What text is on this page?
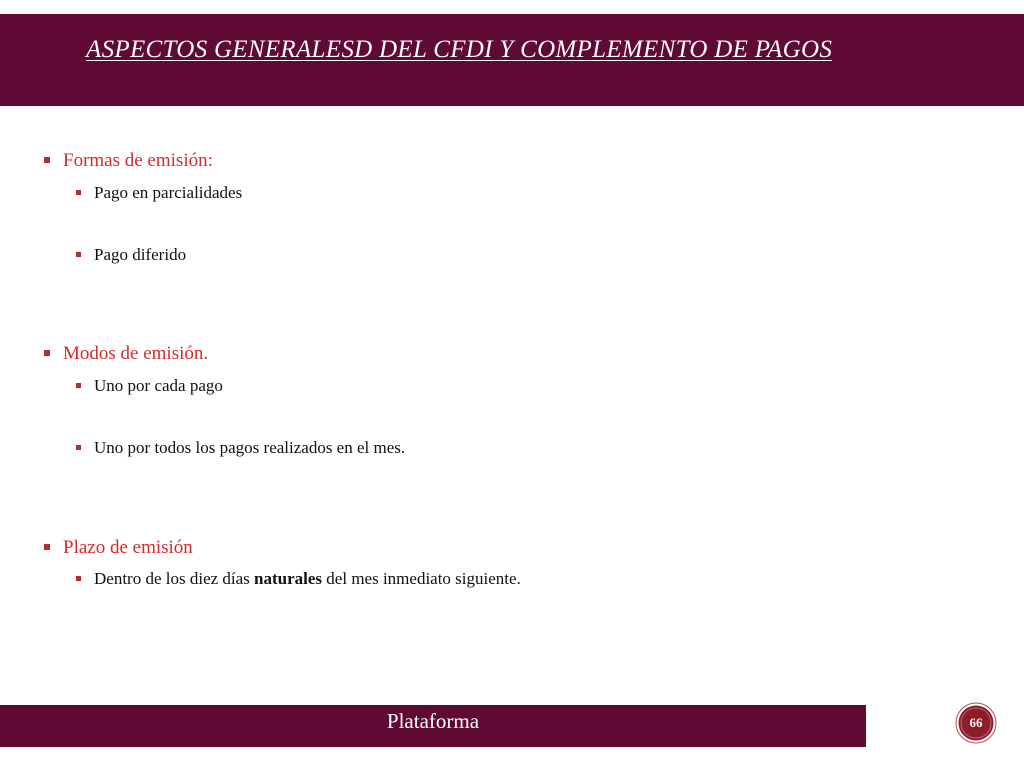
ASPECTOS GENERALESD DEL CFDI Y COMPLEMENTO DE PAGOS
Formas de emisión:
Pago en parcialidades
Pago diferido
Modos de emisión.
Uno por cada pago
Uno por todos los pagos realizados en el mes.
Plazo de emisión
Dentro de los diez días naturales del mes inmediato siguiente.
Plataforma	66
